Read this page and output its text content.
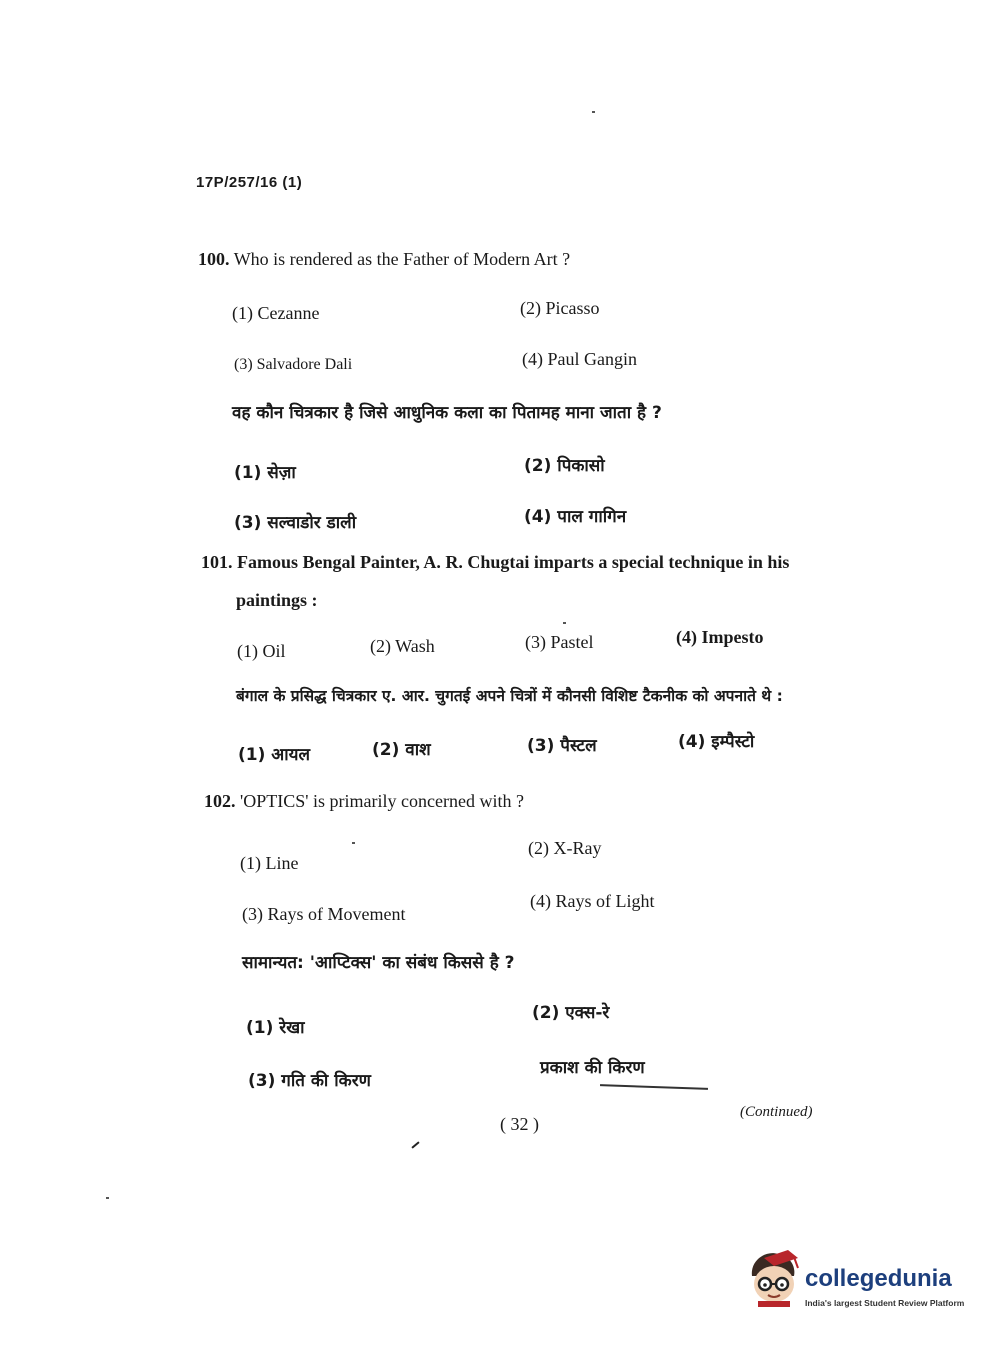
17P/257/16 (1)
100. Who is rendered as the Father of Modern Art ?
(1) Cezanne	(2) Picasso
(3) Salvadore Dali	(4) Paul Gangin
वह कौन चित्रकार है जिसे आधुनिक कला का पितामह माना जाता है ?
(1) सेज़ा	(2) पिकासो
(3) सल्वाडोर डाली	(4) पाल गागिन
101. Famous Bengal Painter, A. R. Chugtai imparts a special technique in his
paintings :
(1) Oil	(2) Wash	(3) Pastel	(4) Impesto
बंगाल के प्रसिद्ध चित्रकार ए. आर. चुगतई अपने चित्रों में कौनसी विशिष्ट टैकनीक को अपनाते थे :
(1) आयल	(2) वाश	(3) पैस्टल	(4) इम्पैस्टो
102. 'OPTICS' is primarily concerned with ?
(1) Line
(2) X-Ray
(3) Rays of Movement
(4) Rays of Light
सामान्यत: 'आप्टिक्स' का संबंध किससे है ?
(1) रेखा
(2) एक्स-रे
(3) गति की किरण
प्रकाश की किरण
( 32 )
(Continued)
collegedunia
India's largest Student Review Platform
